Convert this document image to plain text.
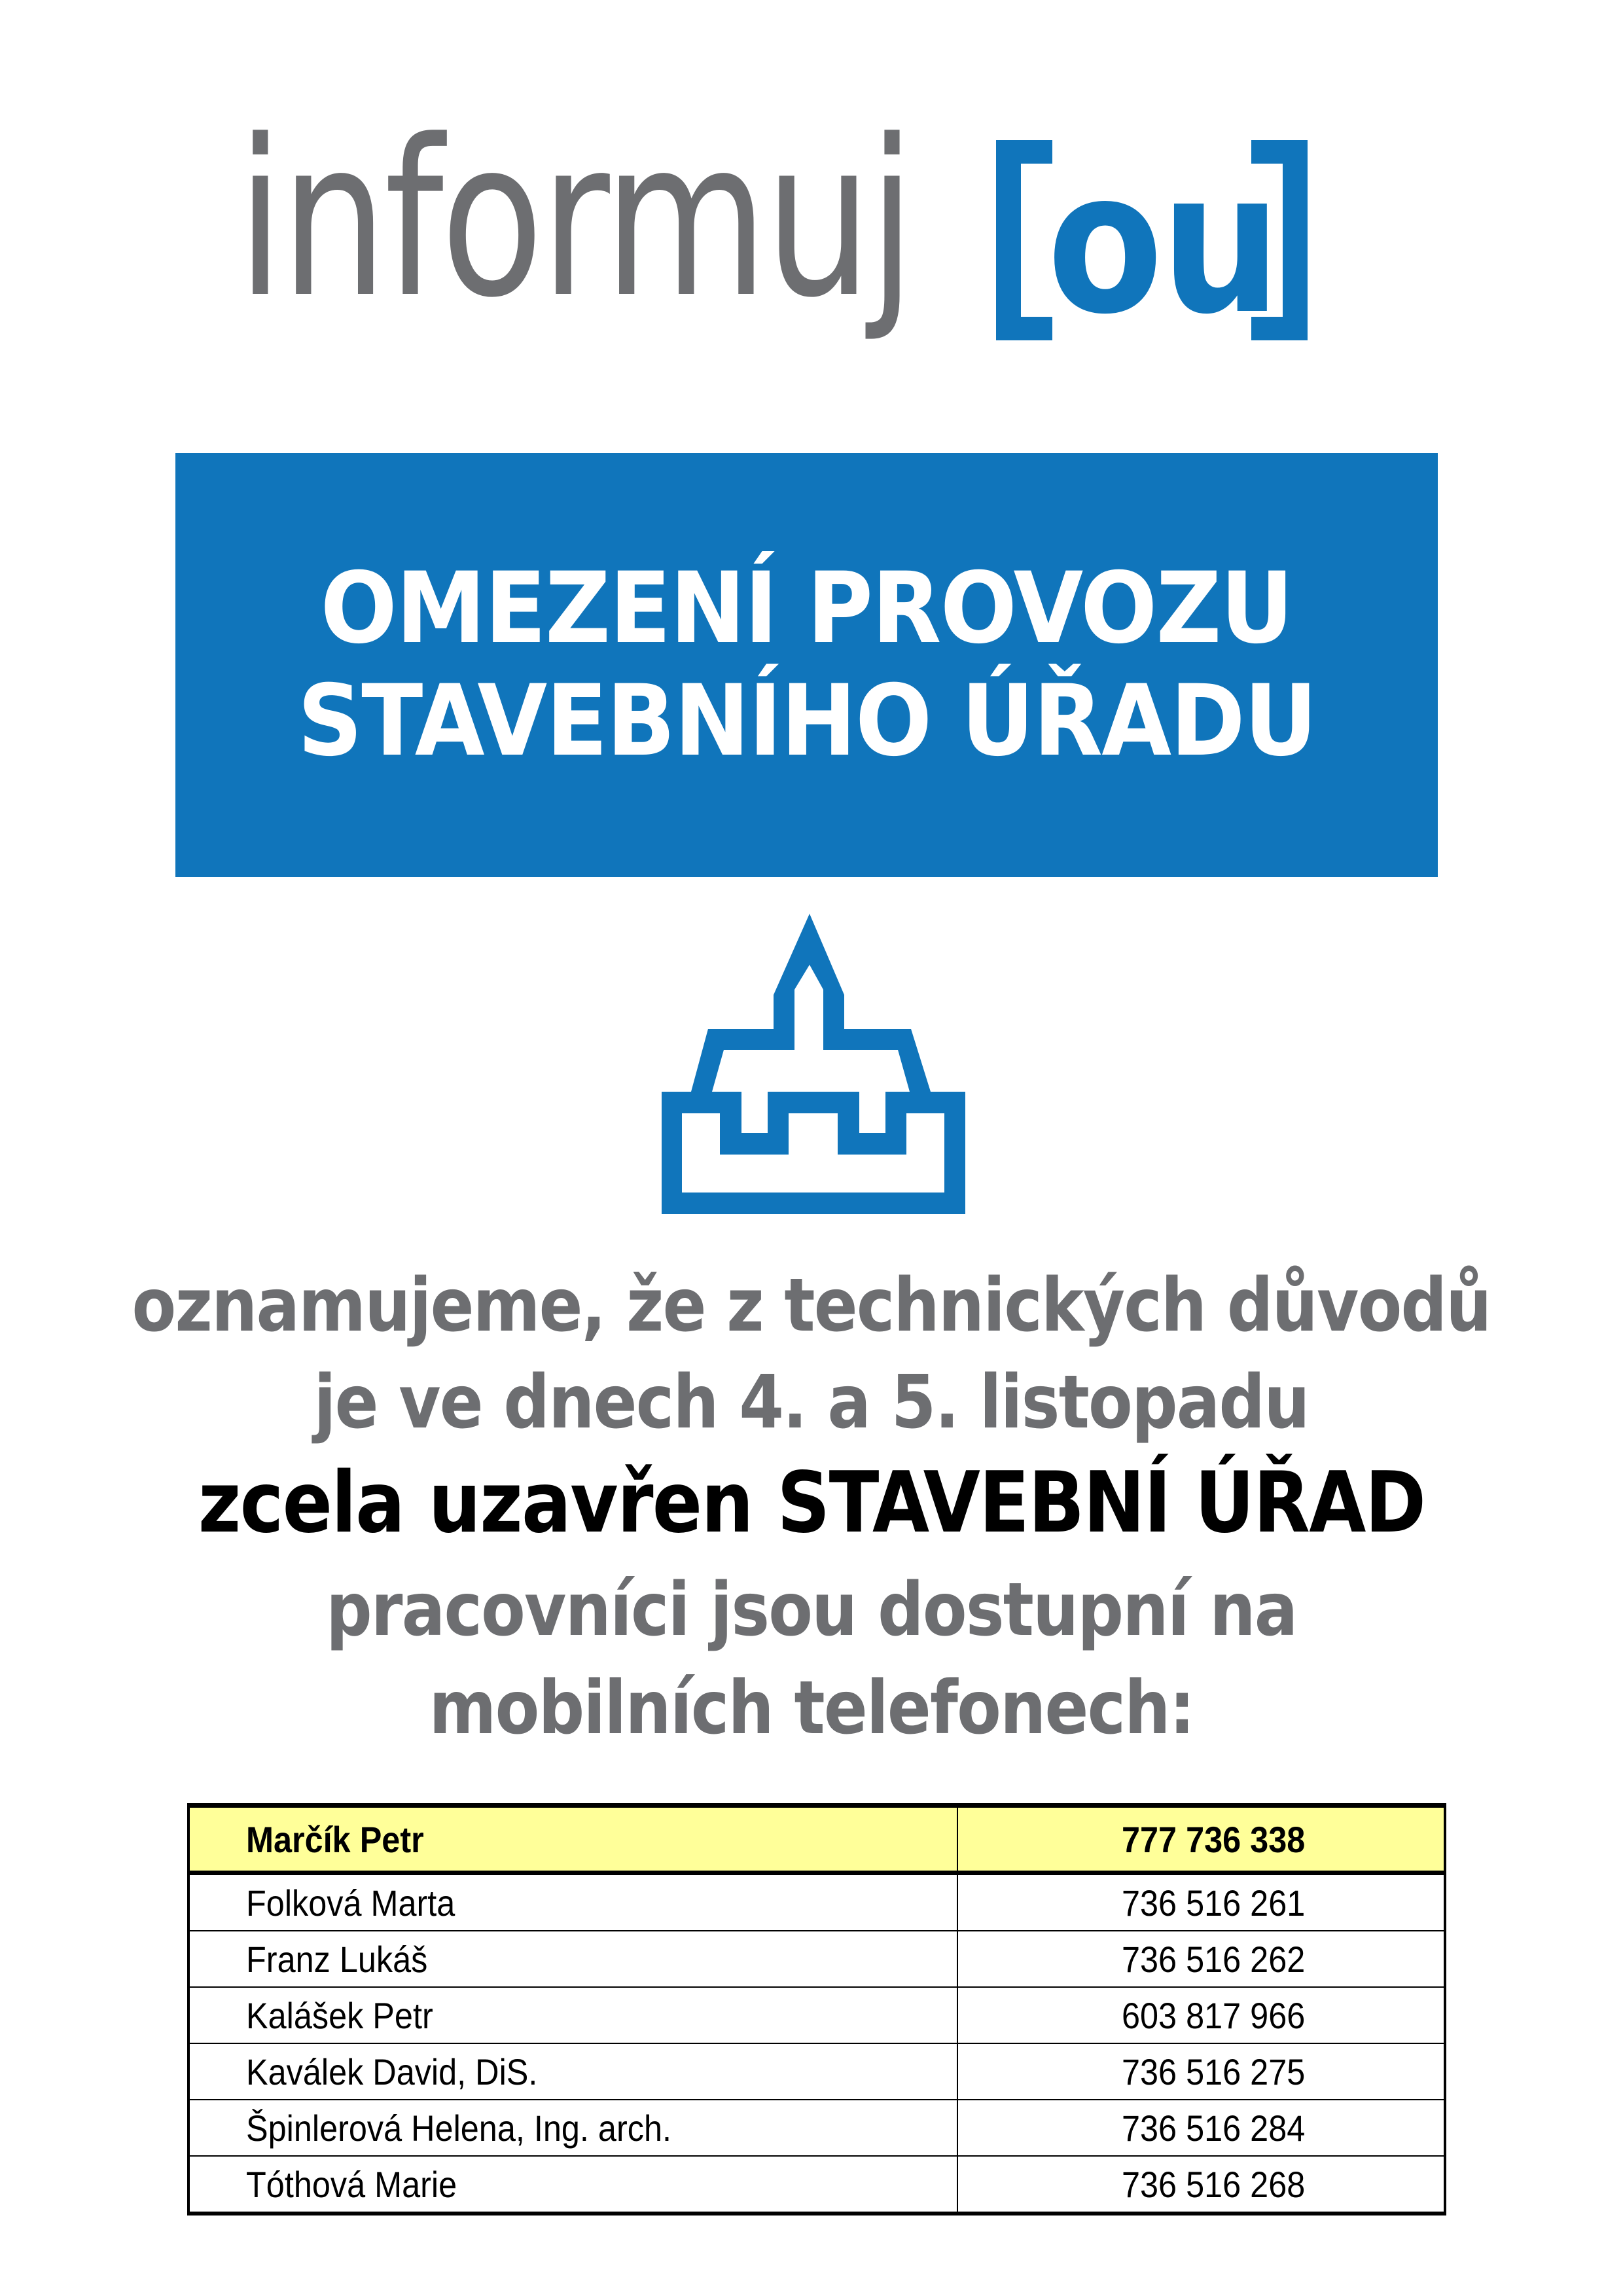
informuj ou
OMEZENÍ PROVOZU
STAVEBNÍHO ÚŘADU
oznamujeme, že z technických důvodů
je ve dnech 4. a 5. listopadu
zcela uzavřen STAVEBNÍ ÚŘAD
pracovníci jsou dostupní na
mobilních telefonech:
Marčík Petr	777 736 338
Folková Marta	736 516 261
Franz Lukáš	736 516 262
Kalášek Petr	603 817 966
Kaválek David, DiS.	736 516 275
Špinlerová Helena, Ing. arch.	736 516 284
Tóthová Marie	736 516 268
